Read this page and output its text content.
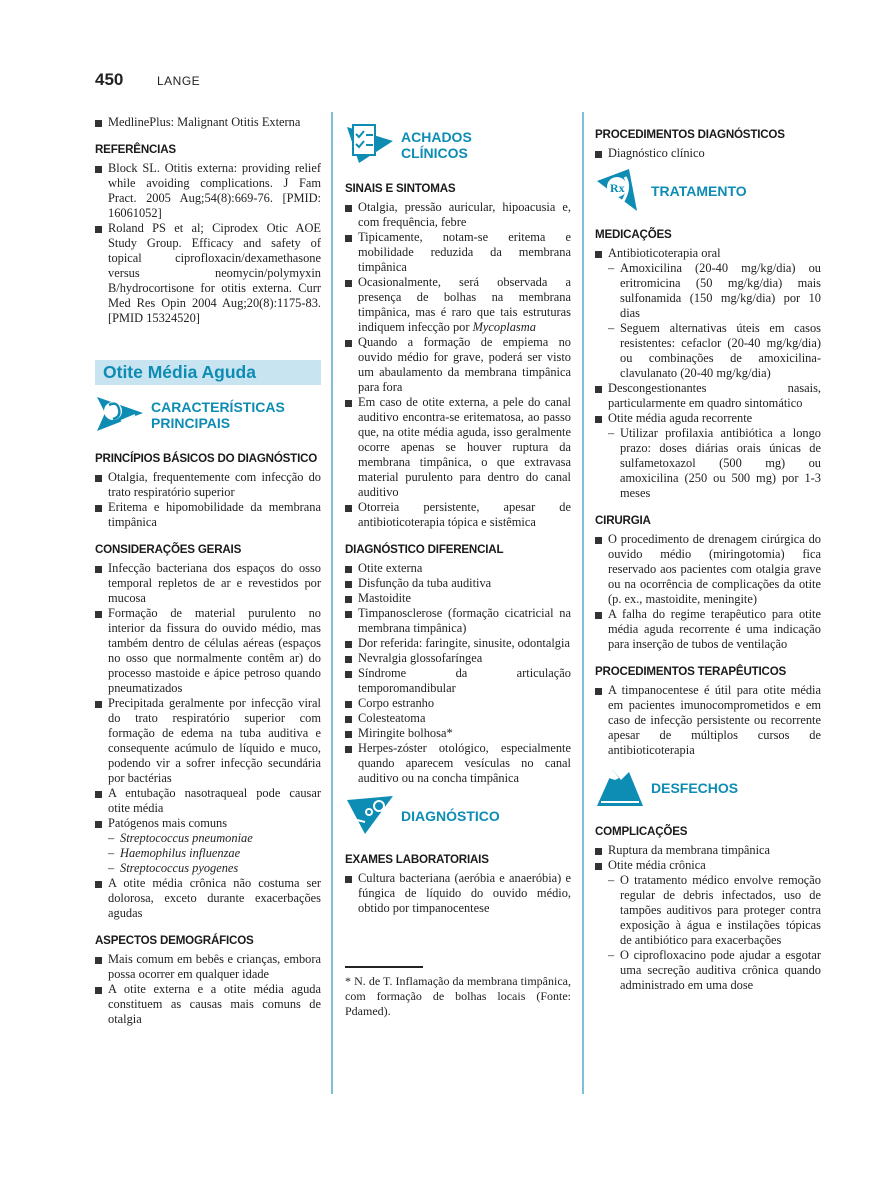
450	LANGE
MedlinePlus: Malignant Otitis Externa
REFERÊNCIAS
Block SL. Otitis externa: providing relief while avoiding complications. J Fam Pract. 2005 Aug;54(8):669-76. [PMID: 16061052]
Roland PS et al; Ciprodex Otic AOE Study Group. Efficacy and safety of topical ciprofloxacin/dexamethasone versus neomycin/polymyxin B/hydrocortisone for otitis externa. Curr Med Res Opin 2004 Aug;20(8):1175-83. [PMID 15324520]
Otite Média Aguda
CARACTERÍSTICAS
PRINCIPAIS
PRINCÍPIOS BÁSICOS DO DIAGNÓSTICO
Otalgia, frequentemente com infecção do trato respiratório superior
Eritema e hipomobilidade da membrana timpânica
CONSIDERAÇÕES GERAIS
Infecção bacteriana dos espaços do osso temporal repletos de ar e revestidos por mucosa
Formação de material purulento no interior da fissura do ouvido médio, mas também dentro de células aéreas (espaços no osso que normalmente contêm ar) do processo mastoide e ápice petroso quando pneumatizados
Precipitada geralmente por infecção viral do trato respiratório superior com formação de edema na tuba auditiva e consequente acúmulo de líquido e muco, podendo vir a sofrer infecção secundária por bactérias
A entubação nasotraqueal pode causar otite média
Patógenos mais comuns
– Streptococcus pneumoniae
– Haemophilus influenzae
– Streptococcus pyogenes
A otite média crônica não costuma ser dolorosa, exceto durante exacerbações agudas
ASPECTOS DEMOGRÁFICOS
Mais comum em bebês e crianças, embora possa ocorrer em qualquer idade
A otite externa e a otite média aguda constituem as causas mais comuns de otalgia
ACHADOS
CLÍNICOS
SINAIS E SINTOMAS
Otalgia, pressão auricular, hipoacusia e, com frequência, febre
Tipicamente, notam-se eritema e mobilidade reduzida da membrana timpânica
Ocasionalmente, será observada a presença de bolhas na membrana timpânica, mas é raro que tais estruturas indiquem infecção por Mycoplasma
Quando a formação de empiema no ouvido médio for grave, poderá ser visto um abaulamento da membrana timpânica para fora
Em caso de otite externa, a pele do canal auditivo encontra-se eritematosa, ao passo que, na otite média aguda, isso geralmente ocorre apenas se houver ruptura da membrana timpânica, o que extravasa material purulento para dentro do canal auditivo
Otorreia persistente, apesar de antibioticoterapia tópica e sistêmica
DIAGNÓSTICO DIFERENCIAL
Otite externa
Disfunção da tuba auditiva
Mastoidite
Timpanosclerose (formação cicatricial na membrana timpânica)
Dor referida: faringite, sinusite, odontalgia
Nevralgia glossofaríngea
Síndrome da articulação temporomandibular
Corpo estranho
Colesteatoma
Miringite bolhosa*
Herpes-zóster otológico, especialmente quando aparecem vesículas no canal auditivo ou na concha timpânica
DIAGNÓSTICO
EXAMES LABORATORIAIS
Cultura bacteriana (aeróbia e anaeróbia) e fúngica de líquido do ouvido médio, obtido por timpanocentese
PROCEDIMENTOS DIAGNÓSTICOS
Diagnóstico clínico
Rx TRATAMENTO
MEDICAÇÕES
Antibioticoterapia oral
– Amoxicilina (20-40 mg/kg/dia) ou eritromicina (50 mg/kg/dia) mais sulfonamida (150 mg/kg/dia) por 10 dias
– Seguem alternativas úteis em casos resistentes: cefaclor (20-40 mg/kg/dia) ou combinações de amoxicilina-clavulanato (20-40 mg/kg/dia)
Descongestionantes nasais, particularmente em quadro sintomático
Otite média aguda recorrente
– Utilizar profilaxia antibiótica a longo prazo: doses diárias orais únicas de sulfametoxazol (500 mg) ou amoxicilina (250 ou 500 mg) por 1-3 meses
CIRURGIA
O procedimento de drenagem cirúrgica do ouvido médio (miringotomia) fica reservado aos pacientes com otalgia grave ou na ocorrência de complicações da otite (p. ex., mastoidite, meningite)
A falha do regime terapêutico para otite média aguda recorrente é uma indicação para inserção de tubos de ventilação
PROCEDIMENTOS TERAPÊUTICOS
A timpanocentese é útil para otite média em pacientes imunocomprometidos e em caso de infecção persistente ou recorrente apesar de múltiplos cursos de antibioticoterapia
DESFECHOS
COMPLICAÇÕES
Ruptura da membrana timpânica
Otite média crônica
– O tratamento médico envolve remoção regular de debris infectados, uso de tampões auditivos para proteger contra exposição à água e instilações tópicas de antibiótico para exacerbações
– O ciprofloxacino pode ajudar a esgotar uma secreção auditiva crônica quando administrado em uma dose
* N. de T. Inflamação da membrana timpânica, com formação de bolhas locais (Fonte: Pdamed).
